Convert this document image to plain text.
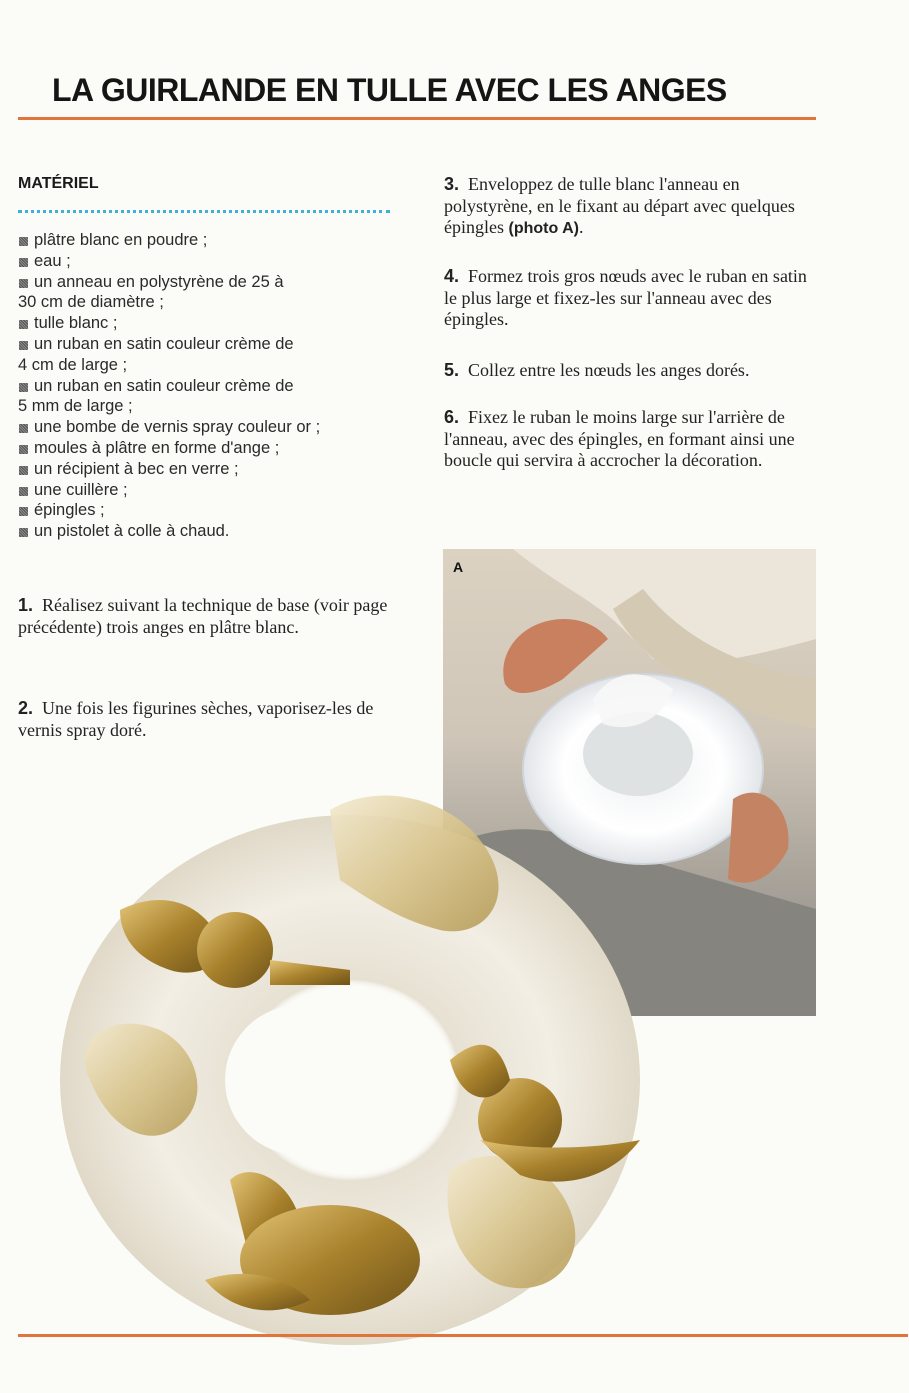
LA GUIRLANDE EN TULLE AVEC LES ANGES
MATÉRIEL
plâtre blanc en poudre ;
eau ;
un anneau en polystyrène de 25 à
30 cm de diamètre ;
tulle blanc ;
un ruban en satin couleur crème de
4 cm de large ;
un ruban en satin couleur crème de
5 mm de large ;
une bombe de vernis spray couleur or ;
moules à plâtre en forme d'ange ;
un récipient à bec en verre ;
une cuillère ;
épingles ;
un pistolet à colle à chaud.

1. Réalisez suivant la technique de base (voir page précédente) trois anges en plâtre blanc.

2. Une fois les figurines sèches, vaporisez-les de vernis spray doré.

3. Enveloppez de tulle blanc l'anneau en polystyrène, en le fixant au départ avec quelques épingles (photo A).

4. Formez trois gros nœuds avec le ruban en satin le plus large et fixez-les sur l'anneau avec des épingles.

5. Collez entre les nœuds les anges dorés.

6. Fixez le ruban le moins large sur l'arrière de l'anneau, avec des épingles, en formant ainsi une boucle qui servira à accrocher la décoration.

A
